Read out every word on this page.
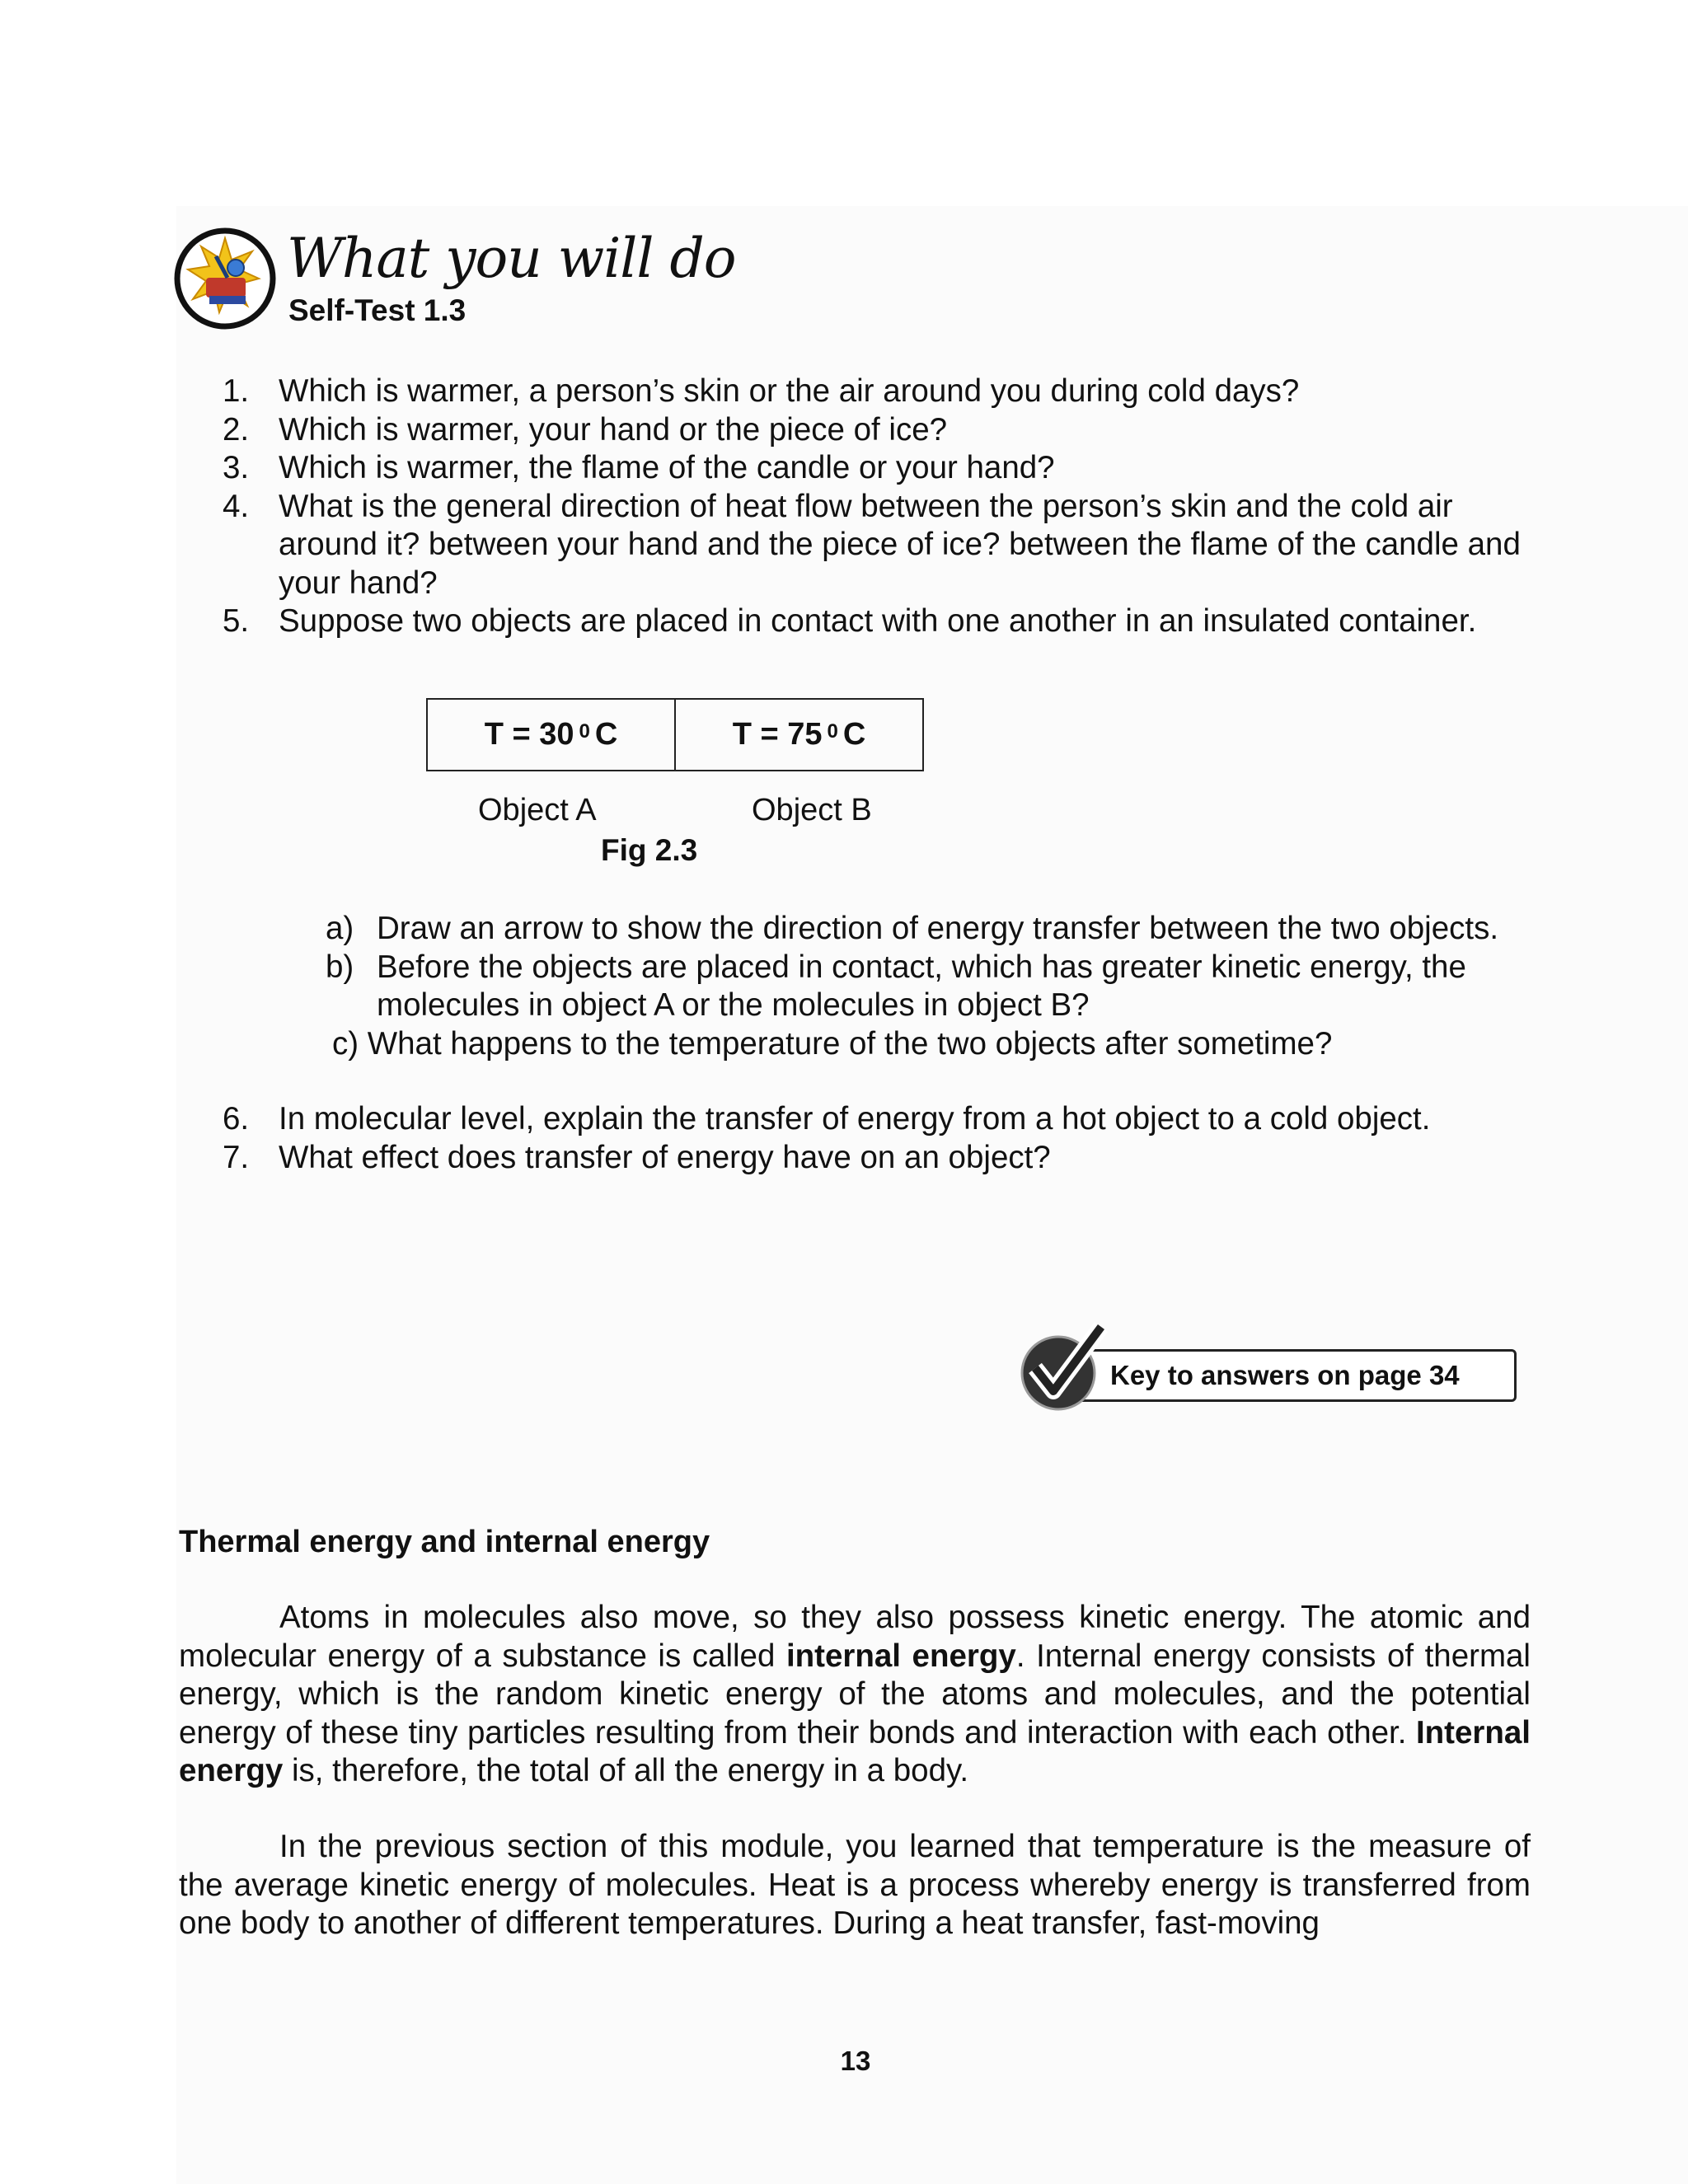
What you will do
Self-Test 1.3
1. Which is warmer, a person’s skin or the air around you during cold days?
2. Which is warmer, your hand or the piece of ice?
3. Which is warmer, the flame of the candle or your hand?
4. What is the general direction of heat flow between the person’s skin and the cold air around it? between your hand and the piece of ice? between the flame of the candle and your hand?
5. Suppose two objects are placed in contact with one another in an insulated container.
T = 30 $^0$ C	T = 75 $^0$ C
Object A	Object B
Fig 2.3
a) Draw an arrow to show the direction of energy transfer between the two objects.
b) Before the objects are placed in contact, which has greater kinetic energy, the molecules in object A or the molecules in object B?
c)
What happens to the temperature of the two objects after sometime?
6. In molecular level, explain the transfer of energy from a hot object to a cold object.
7. What effect does transfer of energy have on an object?
Key to answers on page 34
Thermal energy and internal energy
Atoms in molecules also move, so they also possess kinetic energy. The atomic and molecular energy of a substance is called internal energy. Internal energy consists of thermal energy, which is the random kinetic energy of the atoms and molecules, and the potential energy of these tiny particles resulting from their bonds and interaction with each other. Internal energy is, therefore, the total of all the energy in a body.
In the previous section of this module, you learned that temperature is the measure of the average kinetic energy of molecules. Heat is a process whereby energy is transferred from one body to another of different temperatures. During a heat transfer, fast-moving
13
